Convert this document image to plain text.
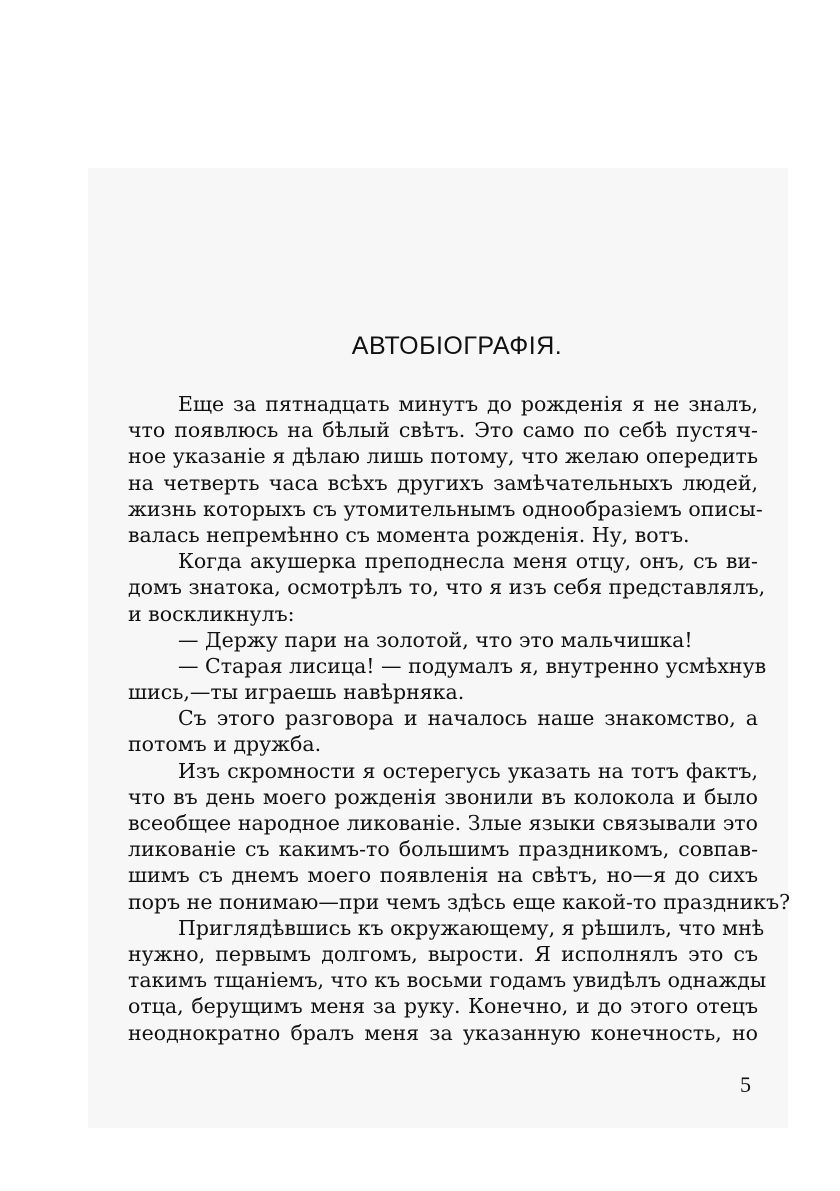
АВТОБІОГРАФІЯ.
Еще за пятнадцать минутъ до рожденія я не зналъ,
что появлюсь на бѣлый свѣтъ. Это само по себѣ пустяч-
ное указаніе я дѣлаю лишь потому, что желаю опередить
на четверть часа всѣхъ другихъ замѣчательныхъ людей,
жизнь которыхъ съ утомительнымъ однообразіемъ описы-
валась непремѣнно съ момента рожденія. Ну, вотъ.
Когда акушерка преподнесла меня отцу, онъ, съ ви-
домъ знатока, осмотрѣлъ то, что я изъ себя представлялъ,
и воскликнулъ:
— Держу пари на золотой, что это мальчишка!
— Старая лисица! — подумалъ я, внутренно усмѣхнув
шись,—ты играешь навѣрняка.
Съ этого разговора и началось наше знакомство, а
потомъ и дружба.
Изъ скромности я остерегусь указать на тотъ фактъ,
что въ день моего рожденія звонили въ колокола и было
всеобщее народное ликованіе. Злые языки связывали это
ликованіе съ какимъ-то большимъ праздникомъ, совпав-
шимъ съ днемъ моего появленія на свѣтъ, но—я до сихъ
поръ не понимаю—при чемъ здѣсь еще какой-то праздникъ?
Приглядѣвшись къ окружающему, я рѣшилъ, что мнѣ
нужно, первымъ долгомъ, вырости. Я исполнялъ это съ
такимъ тщаніемъ, что къ восьми годамъ увидѣлъ однажды
отца, берущимъ меня за руку. Конечно, и до этого отецъ
неоднократно бралъ меня за указанную конечность, но
5
